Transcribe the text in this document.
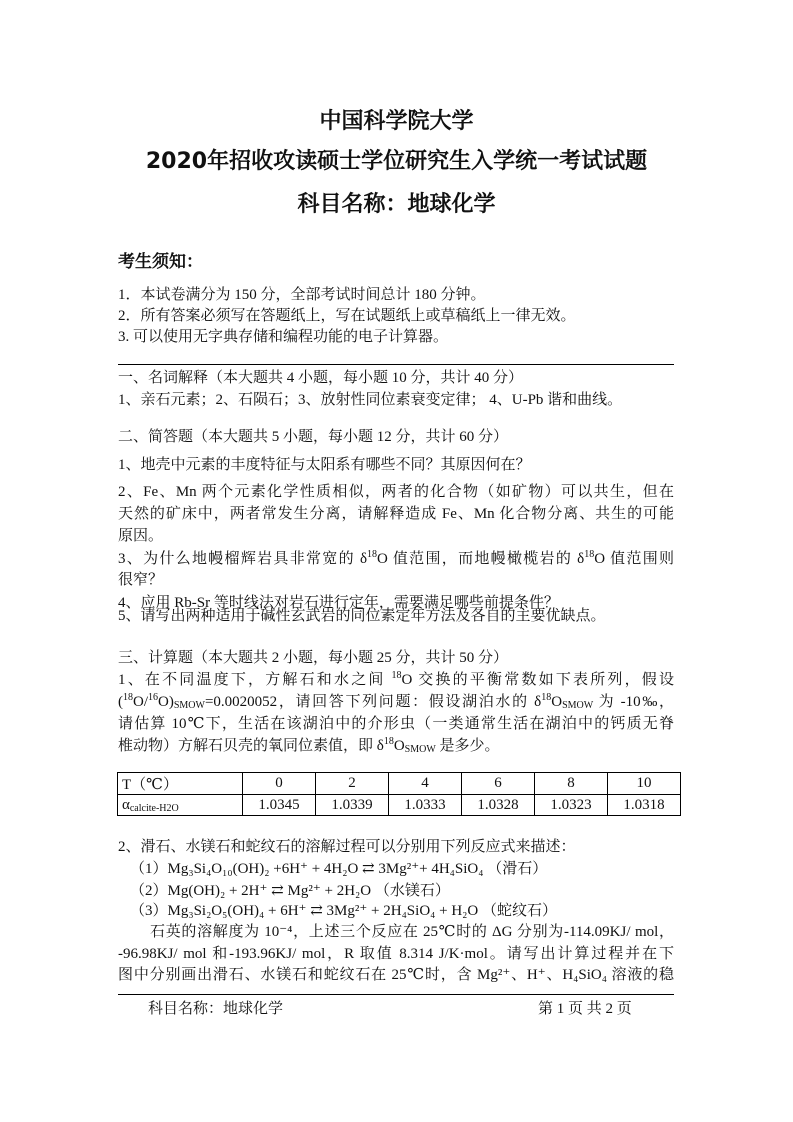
中国科学院大学
2020年招收攻读硕士学位研究生入学统一考试试题
科目名称：地球化学
考生须知：
1．本试卷满分为 150 分，全部考试时间总计 180 分钟。
2．所有答案必须写在答题纸上，写在试题纸上或草稿纸上一律无效。
3. 可以使用无字典存储和编程功能的电子计算器。
一、名词解释（本大题共 4 小题，每小题 10 分，共计 40 分）
1、亲石元素；2、石陨石；3、放射性同位素衰变定律； 4、U-Pb 谐和曲线。
二、简答题（本大题共 5 小题，每小题 12 分，共计 60 分）
1、地壳中元素的丰度特征与太阳系有哪些不同？其原因何在？
2、Fe、Mn 两个元素化学性质相似，两者的化合物（如矿物）可以共生，但在
天然的矿床中，两者常发生分离，请解释造成 Fe、Mn 化合物分离、共生的可能
原因。
3、为什么地幔榴辉岩具非常宽的 $\delta^{18}O$ 值范围，而地幔橄榄岩的 $\delta^{18}O$ 值范围则
很窄？
4、应用 Rb-Sr 等时线法对岩石进行定年，需要满足哪些前提条件？
5、请写出两种适用于碱性玄武岩的同位素定年方法及各自的主要优缺点。
三、计算题（本大题共 2 小题，每小题 25 分，共计 50 分）
1、在不同温度下，方解石和水之间 $^{18}$O 交换的平衡常数如下表所列，假设
($^{18}$O/$^{16}$O)SMOW=0.0020052，请回答下列问题：假设湖泊水的 $\delta^{18}OSMOW$ 为 -10‰，
请估算 10℃下，生活在该湖泊中的介形虫（一类通常生活在湖泊中的钙质无脊
椎动物）方解石贝壳的氧同位素值，即 $\delta^{18}OSMOW$ 是多少。
T（℃）	0	2	4	6	8	10
αcalcite-H2O	1.0345	1.0339	1.0333	1.0328	1.0323	1.0318
2、滑石、水镁石和蛇纹石的溶解过程可以分别用下列反应式来描述：
（1）Mg₃Si₄O₁₀(OH)₂ +6H⁺ + 4H₂O ⇄ 3Mg²⁺+ 4H₄SiO₄ （滑石）
（2）Mg(OH)₂ + 2H⁺ ⇄ Mg²⁺ + 2H₂O （水镁石）
（3）Mg₃Si₂O₅(OH)₄ + 6H⁺ ⇄ 3Mg²⁺ + 2H₄SiO₄ + H₂O （蛇纹石）
石英的溶解度为 10⁻⁴，上述三个反应在 25℃时的 ΔG 分别为-114.09KJ/ mol，
-96.98KJ/ mol 和-193.96KJ/ mol，R 取值 8.314 J/K·mol。请写出计算过程并在下
图中分别画出滑石、水镁石和蛇纹石在 25℃时，含 Mg²⁺、H⁺、H₄SiO₄ 溶液的稳
科目名称：地球化学	第 1 页 共 2 页
